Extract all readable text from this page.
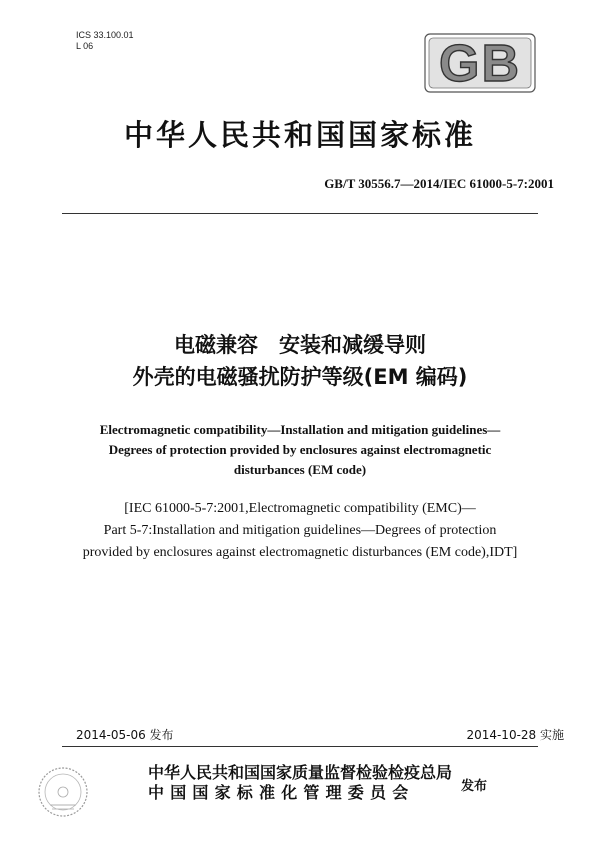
ICS 33.100.01
L 06	GB
中华人民共和国国家标准
GB/T 30556.7—2014/IEC 61000-5-7:2001
电磁兼容　安装和减缓导则
外壳的电磁骚扰防护等级(EM 编码)
Electromagnetic compatibility—Installation and mitigation guidelines—
Degrees of protection provided by enclosures against electromagnetic
disturbances (EM code)
[IEC 61000-5-7:2001,Electromagnetic compatibility (EMC)—
Part 5-7:Installation and mitigation guidelines—Degrees of protection
provided by enclosures against electromagnetic disturbances (EM code),IDT]
2014-05-06 发布	2014-10-28 实施
中华人民共和国国家质量监督检验检疫总局
中国国家标准化管理委员会	发布
